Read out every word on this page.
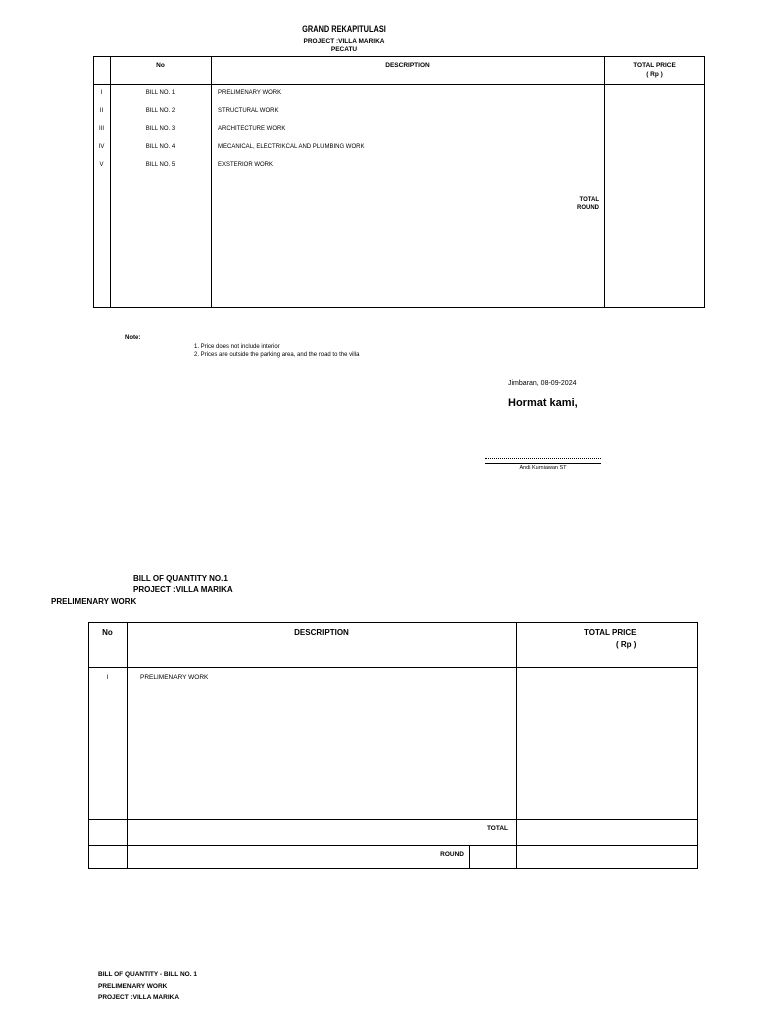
GRAND REKAPITULASI
PROJECT :VILLA MARIKA
PECATU
No	DESCRIPTION	TOTAL PRICE
( Rp )
I	BILL NO. 1	PRELIMENARY WORK
II	BILL NO. 2	STRUCTURAL WORK
III	BILL NO. 3	ARCHITECTURE WORK
IV	BILL NO. 4	MECANICAL, ELECTRIKCAL AND PLUMBING WORK
V	BILL NO. 5	EXSTERIOR WORK
TOTAL
ROUND
Note:
1. Price does not include interior
2. Prices are outside the parking area, and the road to the villa
Jimbaran, 08-09-2024
Hormat kami,
Andi Kurniawan ST
BILL OF QUANTITY NO.1
PROJECT :VILLA MARIKA
PRELIMENARY WORK
No	DESCRIPTION	TOTAL PRICE
( Rp )
I	PRELIMENARY WORK
TOTAL
ROUND
BILL OF QUANTITY - BILL NO. 1
PRELIMENARY WORK
PROJECT :VILLA MARIKA
